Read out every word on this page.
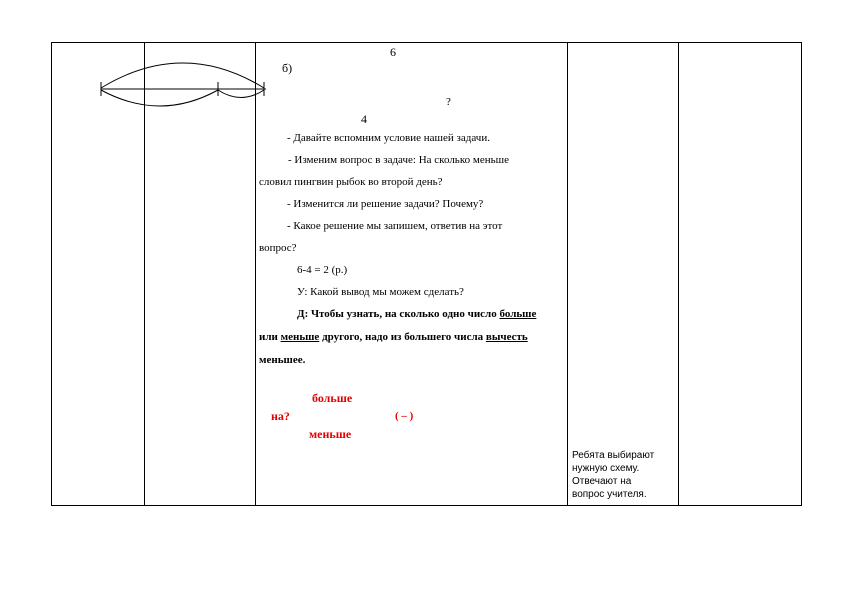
6
б)
?
4
- Давайте вспомним условие нашей задачи.
- Изменим вопрос в задаче: На сколько меньше
словил пингвин рыбок во второй день?
- Изменится ли решение задачи? Почему?
- Какое решение мы запишем, ответив на этот
вопрос?
6-4 = 2 (р.)
У: Какой вывод мы можем сделать?
Д: Чтобы узнать, на сколько одно число больше
или меньше другого, надо из большего числа вычесть
меньшее.
больше
на?	( – )
меньше
Ребята выбирают
нужную схему.
Отвечают на
вопрос учителя.
